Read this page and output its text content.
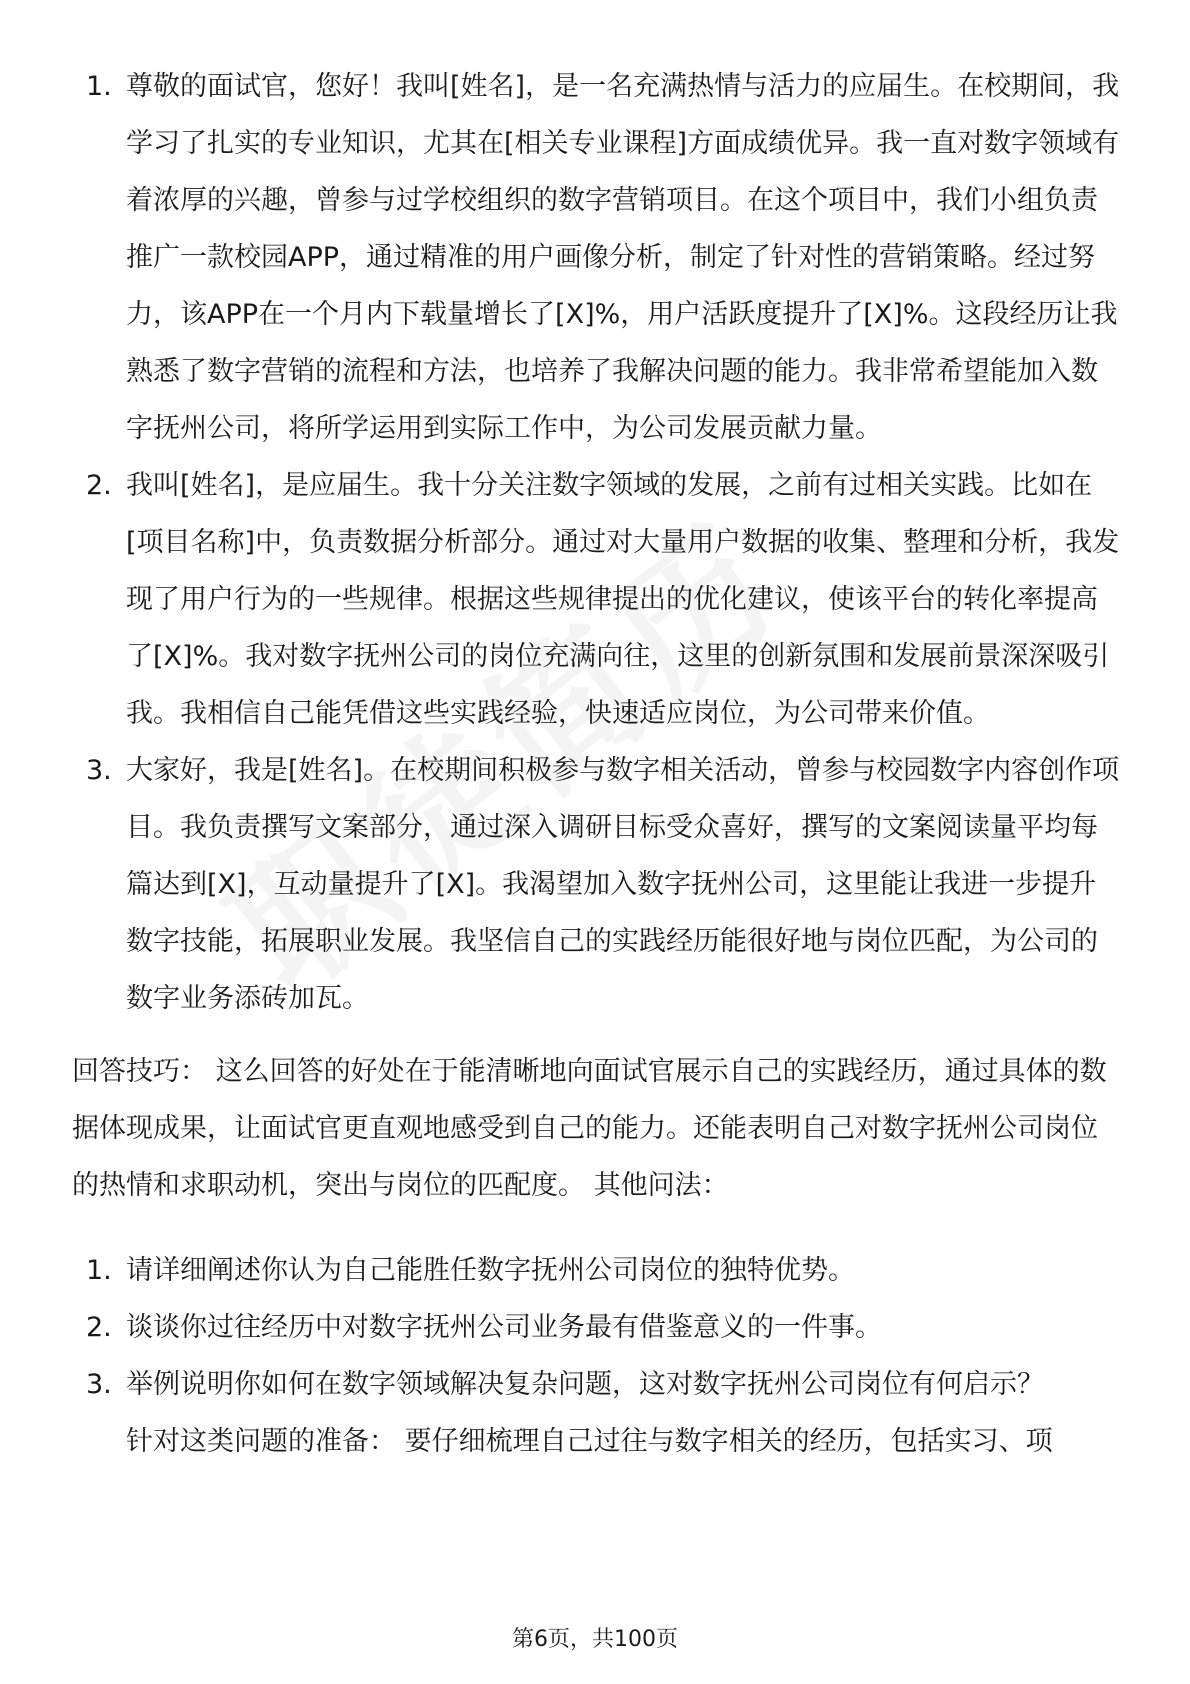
1. 尊敬的面试官，您好！我叫[姓名]，是一名充满热情与活力的应届生。在校期间，我学习了扎实的专业知识，尤其在[相关专业课程]方面成绩优异。我一直对数字领域有着浓厚的兴趣，曾参与过学校组织的数字营销项目。在这个项目中，我们小组负责推广一款校园APP，通过精准的用户画像分析，制定了针对性的营销策略。经过努力，该APP在一个月内下载量增长了[X]%，用户活跃度提升了[X]%。这段经历让我熟悉了数字营销的流程和方法，也培养了我解决问题的能力。我非常希望能加入数字抚州公司，将所学运用到实际工作中，为公司发展贡献力量。
2. 我叫[姓名]，是应届生。我十分关注数字领域的发展，之前有过相关实践。比如在[项目名称]中，负责数据分析部分。通过对大量用户数据的收集、整理和分析，我发现了用户行为的一些规律。根据这些规律提出的优化建议，使该平台的转化率提高了[X]%。我对数字抚州公司的岗位充满向往，这里的创新氛围和发展前景深深吸引我。我相信自己能凭借这些实践经验，快速适应岗位，为公司带来价值。
3. 大家好，我是[姓名]。在校期间积极参与数字相关活动，曾参与校园数字内容创作项目。我负责撰写文案部分，通过深入调研目标受众喜好，撰写的文案阅读量平均每篇达到[X]，互动量提升了[X]。我渴望加入数字抚州公司，这里能让我进一步提升数字技能，拓展职业发展。我坚信自己的实践经历能很好地与岗位匹配，为公司的数字业务添砖加瓦。
回答技巧： 这么回答的好处在于能清晰地向面试官展示自己的实践经历，通过具体的数据体现成果，让面试官更直观地感受到自己的能力。还能表明自己对数字抚州公司岗位的热情和求职动机，突出与岗位的匹配度。 其他问法：
1. 请详细阐述你认为自己能胜任数字抚州公司岗位的独特优势。
2. 谈谈你过往经历中对数字抚州公司业务最有借鉴意义的一件事。
3. 举例说明你如何在数字领域解决复杂问题，这对数字抚州公司岗位有何启示？
针对这类问题的准备： 要仔细梳理自己过往与数字相关的经历，包括实习、项
第6页，共100页
